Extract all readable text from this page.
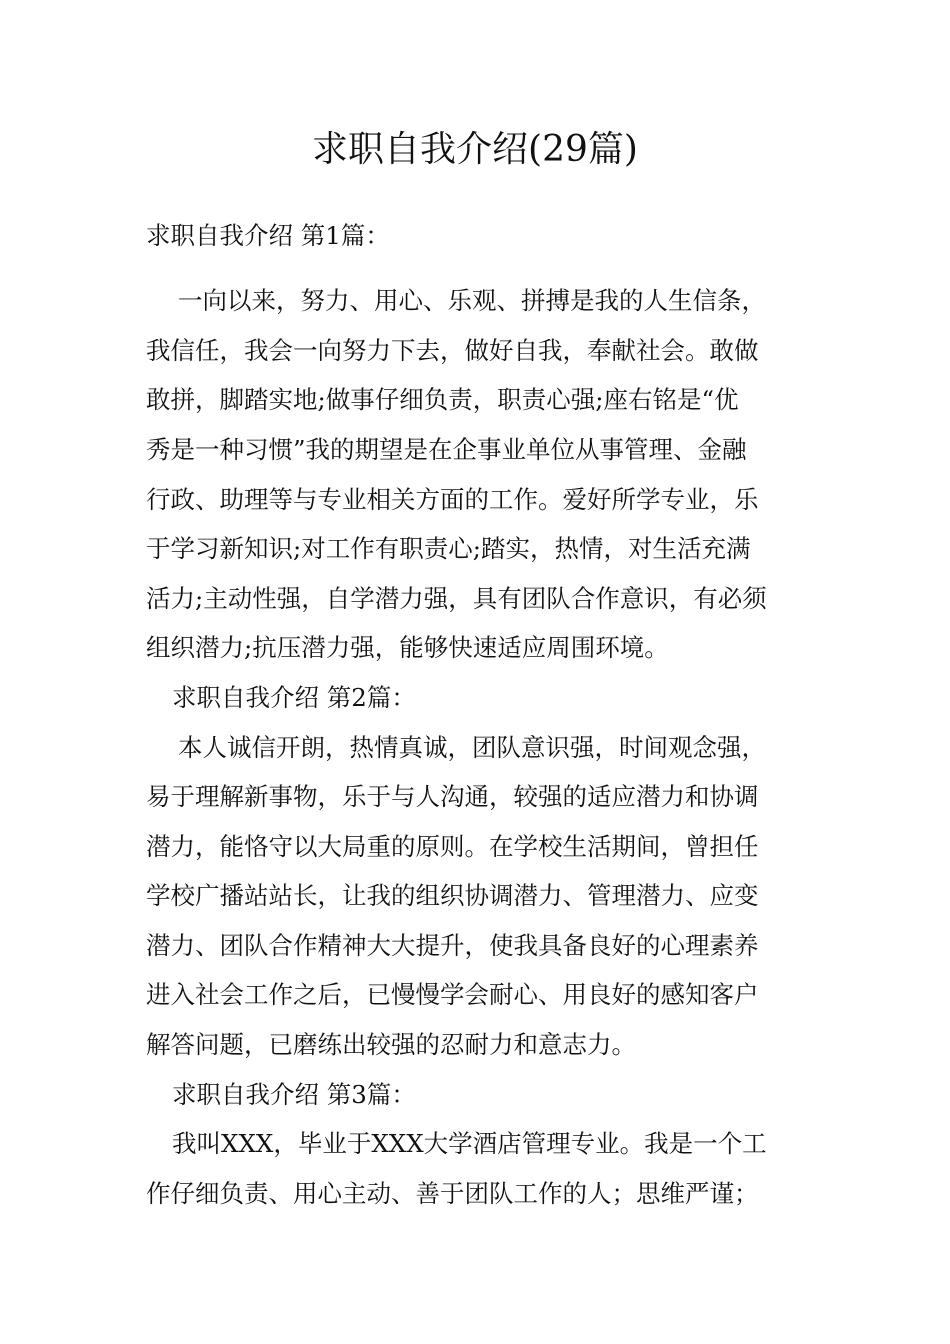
求职自我介绍(29篇)

求职自我介绍 第1篇：

一向以来，努力、用心、乐观、拼搏是我的人生信条，

我信任，我会一向努力下去，做好自我，奉献社会。敢做

敢拼，脚踏实地;做事仔细负责，职责心强;座右铭是“优

秀是一种习惯”我的期望是在企事业单位从事管理、金融

行政、助理等与专业相关方面的工作。爱好所学专业，乐

于学习新知识;对工作有职责心;踏实，热情，对生活充满

活力;主动性强，自学潜力强，具有团队合作意识，有必须

组织潜力;抗压潜力强，能够快速适应周围环境。

求职自我介绍 第2篇：

本人诚信开朗，热情真诚，团队意识强，时间观念强，

易于理解新事物，乐于与人沟通，较强的适应潜力和协调

潜力，能恪守以大局重的原则。在学校生活期间，曾担任

学校广播站站长，让我的组织协调潜力、管理潜力、应变

潜力、团队合作精神大大提升，使我具备良好的心理素养

进入社会工作之后，已慢慢学会耐心、用良好的感知客户

解答问题，已磨练出较强的忍耐力和意志力。

求职自我介绍 第3篇：

我叫XXX，毕业于XXX大学酒店管理专业。我是一个工

作仔细负责、用心主动、善于团队工作的人；思维严谨；
